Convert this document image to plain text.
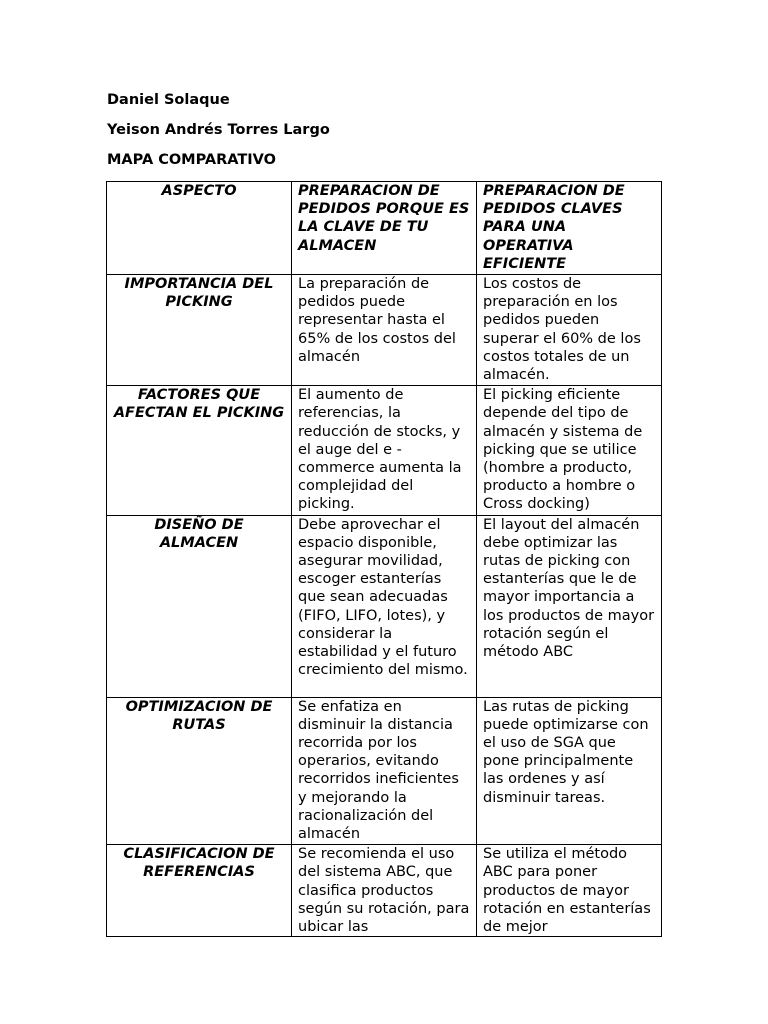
Daniel Solaque
Yeison Andrés Torres Largo
MAPA COMPARATIVO
ASPECTO	PREPARACION DE PEDIDOS PORQUE ES LA CLAVE DE TU ALMACEN	PREPARACION DE PEDIDOS CLAVES PARA UNA OPERATIVA EFICIENTE
IMPORTANCIA DEL PICKING	La preparación de pedidos puede representar hasta el 65% de los costos del almacén	Los costos de preparación en los pedidos pueden superar el 60% de los costos totales de un almacén.
FACTORES QUE AFECTAN EL PICKING	El aumento de referencias, la reducción de stocks, y el auge del e - commerce aumenta la complejidad del picking.	El picking eficiente depende del tipo de almacén y sistema de picking que se utilice (hombre a producto, producto a hombre o Cross docking)
DISEÑO DE ALMACEN	Debe aprovechar el espacio disponible, asegurar movilidad, escoger estanterías que sean adecuadas (FIFO, LIFO, lotes), y considerar la estabilidad y el futuro crecimiento del mismo.	El layout del almacén debe optimizar las rutas de picking con estanterías que le de mayor importancia a los productos de mayor rotación según el método ABC
OPTIMIZACION DE RUTAS	Se enfatiza en disminuir la distancia recorrida por los operarios, evitando recorridos ineficientes y mejorando la racionalización del almacén	Las rutas de picking puede optimizarse con el uso de SGA que pone principalmente las ordenes y así disminuir tareas.

CLASIFICACION DE REFERENCIAS	Se recomienda el uso del sistema ABC, que clasifica productos según su rotación, para ubicar las	Se utiliza el método ABC para poner productos de mayor rotación en estanterías de mejor
